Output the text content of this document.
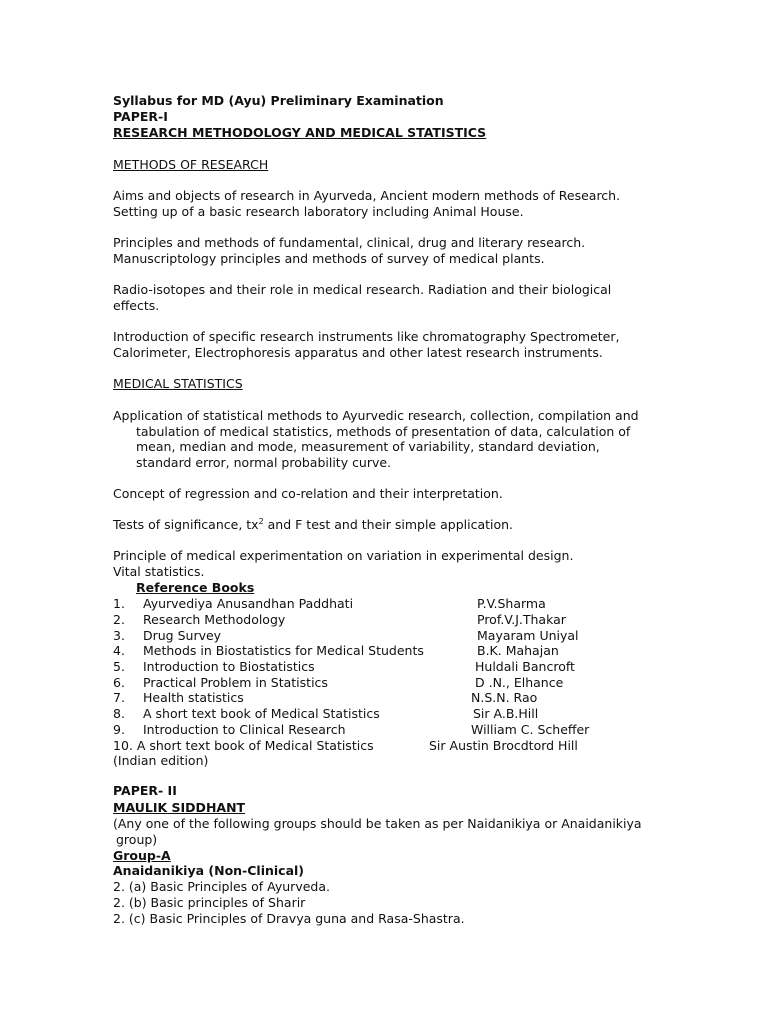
Syllabus for MD (Ayu) Preliminary Examination
PAPER-I
RESEARCH METHODOLOGY AND MEDICAL STATISTICS
METHODS OF RESEARCH
Aims and objects of research in Ayurveda, Ancient modern methods of Research.
Setting up of a basic research laboratory including Animal House.
Principles and methods of fundamental, clinical, drug and literary research.
Manuscriptology principles and methods of survey of medical plants.
Radio-isotopes and their role in medical research. Radiation and their biological
effects.
Introduction of specific research instruments like chromatography Spectrometer,
Calorimeter, Electrophoresis apparatus and other latest research instruments.
MEDICAL STATISTICS
Application of statistical methods to Ayurvedic research, collection, compilation and
tabulation of medical statistics, methods of presentation of data, calculation of
mean, median and mode, measurement of variability, standard deviation,
standard error, normal probability curve.
Concept of regression and co-relation and their interpretation.
Tests of significance, $tx^2$ and F test and their simple application.
Principle of medical experimentation on variation in experimental design.
Vital statistics.
Reference Books
1. Ayurvediya Anusandhan Paddhati	P.V.Sharma
2. Research Methodology	Prof.V.J.Thakar
3. Drug Survey	Mayaram Uniyal
4. Methods in Biostatistics for Medical Students	B.K. Mahajan
5. Introduction to Biostatistics	Huldali Bancroft
6. Practical Problem in Statistics	D .N., Elhance
7. Health statistics	N.S.N. Rao
8. A short text book of Medical Statistics	Sir A.B.Hill
9. Introduction to Clinical Research	William C. Scheffer
10. A short text book of Medical Statistics	Sir Austin Brocdtord Hill
(Indian edition)
PAPER- II
MAULIK SIDDHANT
(Any one of the following groups should be taken as per Naidanikiya or Anaidanikiya
group)
Group-A
Anaidanikiya (Non-Clinical)
2. (a) Basic Principles of Ayurveda.
2. (b) Basic principles of Sharir
2. (c) Basic Principles of Dravya guna and Rasa-Shastra.
